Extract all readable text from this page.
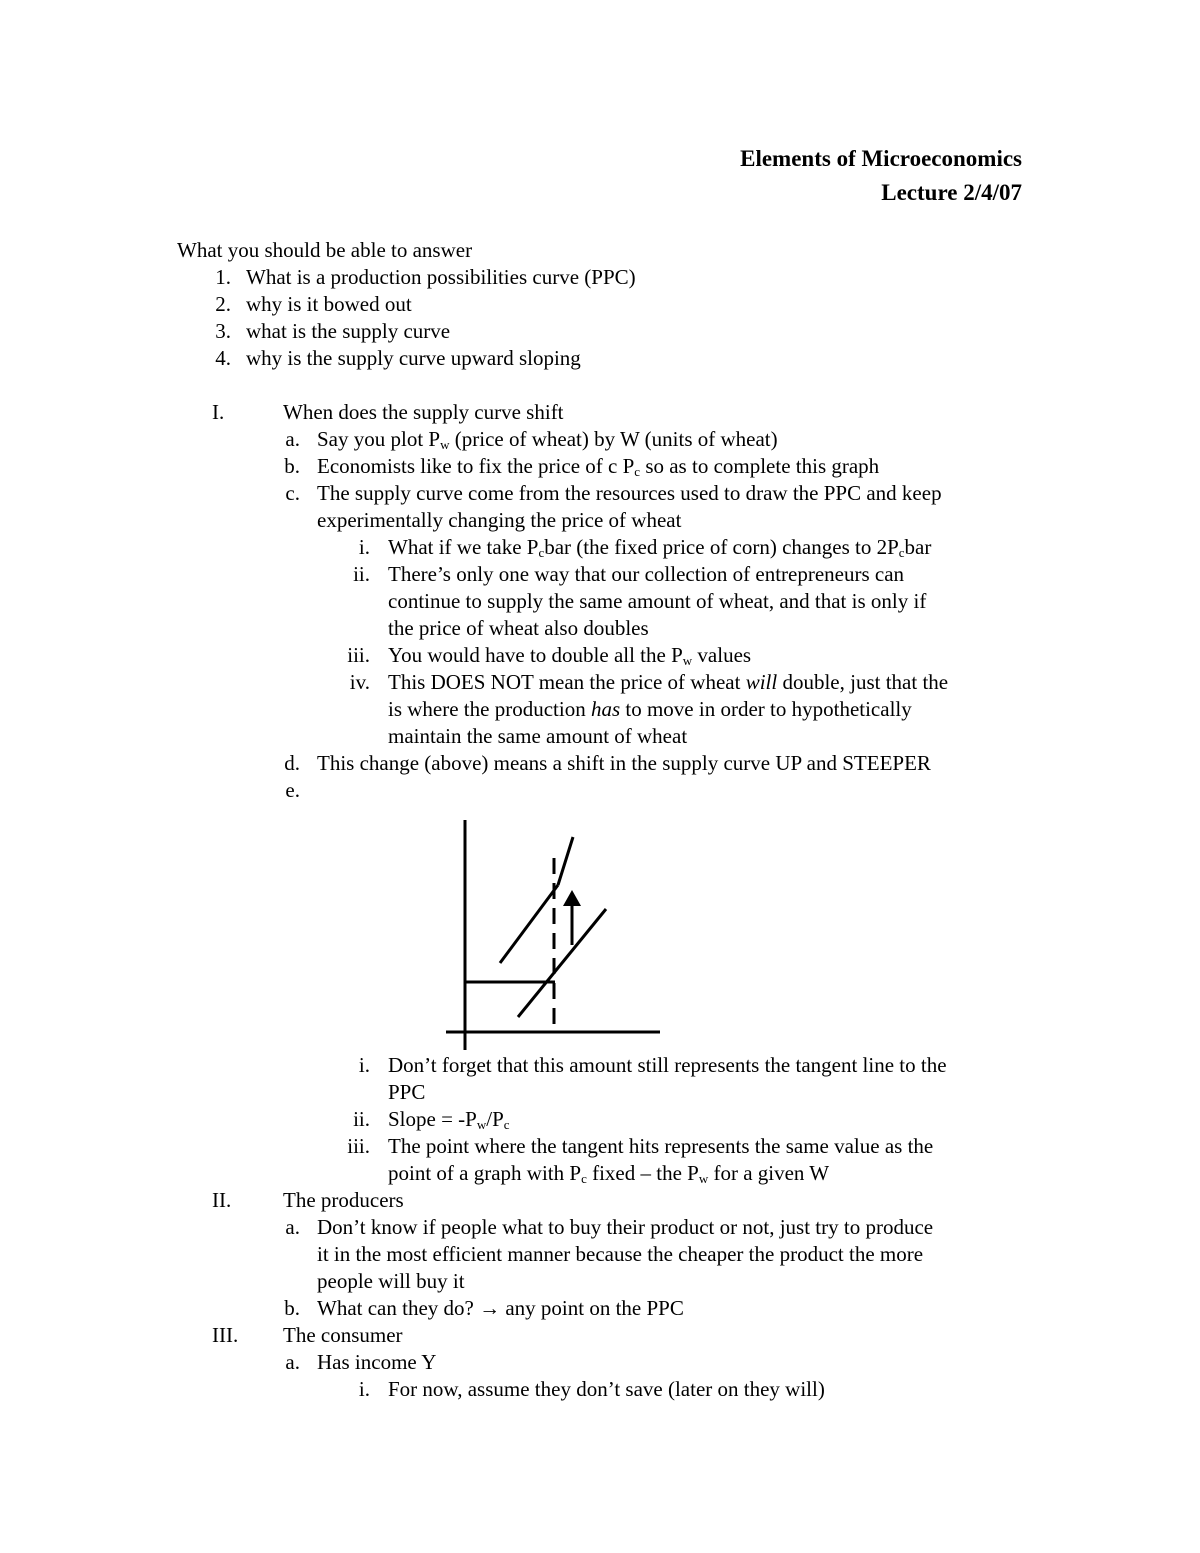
Elements of Microeconomics
Lecture 2/4/07
What you should be able to answer
1. What is a production possibilities curve (PPC)
2. why is it bowed out
3. what is the supply curve
4. why is the supply curve upward sloping
I.	When does the supply curve shift
a. Say you plot $P_w$ (price of wheat) by W (units of wheat)
b. Economists like to fix the price of c $P_c$ so as to complete this graph
c. The supply curve come from the resources used to draw the PPC and keep
experimentally changing the price of wheat
i. What if we take $P_cbar$ (the fixed price of corn) changes to $2P_cbar$
ii. There’s only one way that our collection of entrepreneurs can
continue to supply the same amount of wheat, and that is only if
the price of wheat also doubles
iii. You would have to double all the $P_w$ values
iv. This DOES NOT mean the price of wheat will double, just that the
is where the production has to move in order to hypothetically
maintain the same amount of wheat
d. This change (above) means a shift in the supply curve UP and STEEPER
e.
i. Don’t forget that this amount still represents the tangent line to the
PPC
ii. Slope = $-P_w/P_c$
iii. The point where the tangent hits represents the same value as the
point of a graph with $P_c$ fixed – the $P_w$ for a given W
II. The producers
a. Don’t know if people what to buy their product or not, just try to produce
it in the most efficient manner because the cheaper the product the more
people will buy it
b. What can they do? → any point on the PPC
III. The consumer
a. Has income Y
i. For now, assume they don’t save (later on they will)
